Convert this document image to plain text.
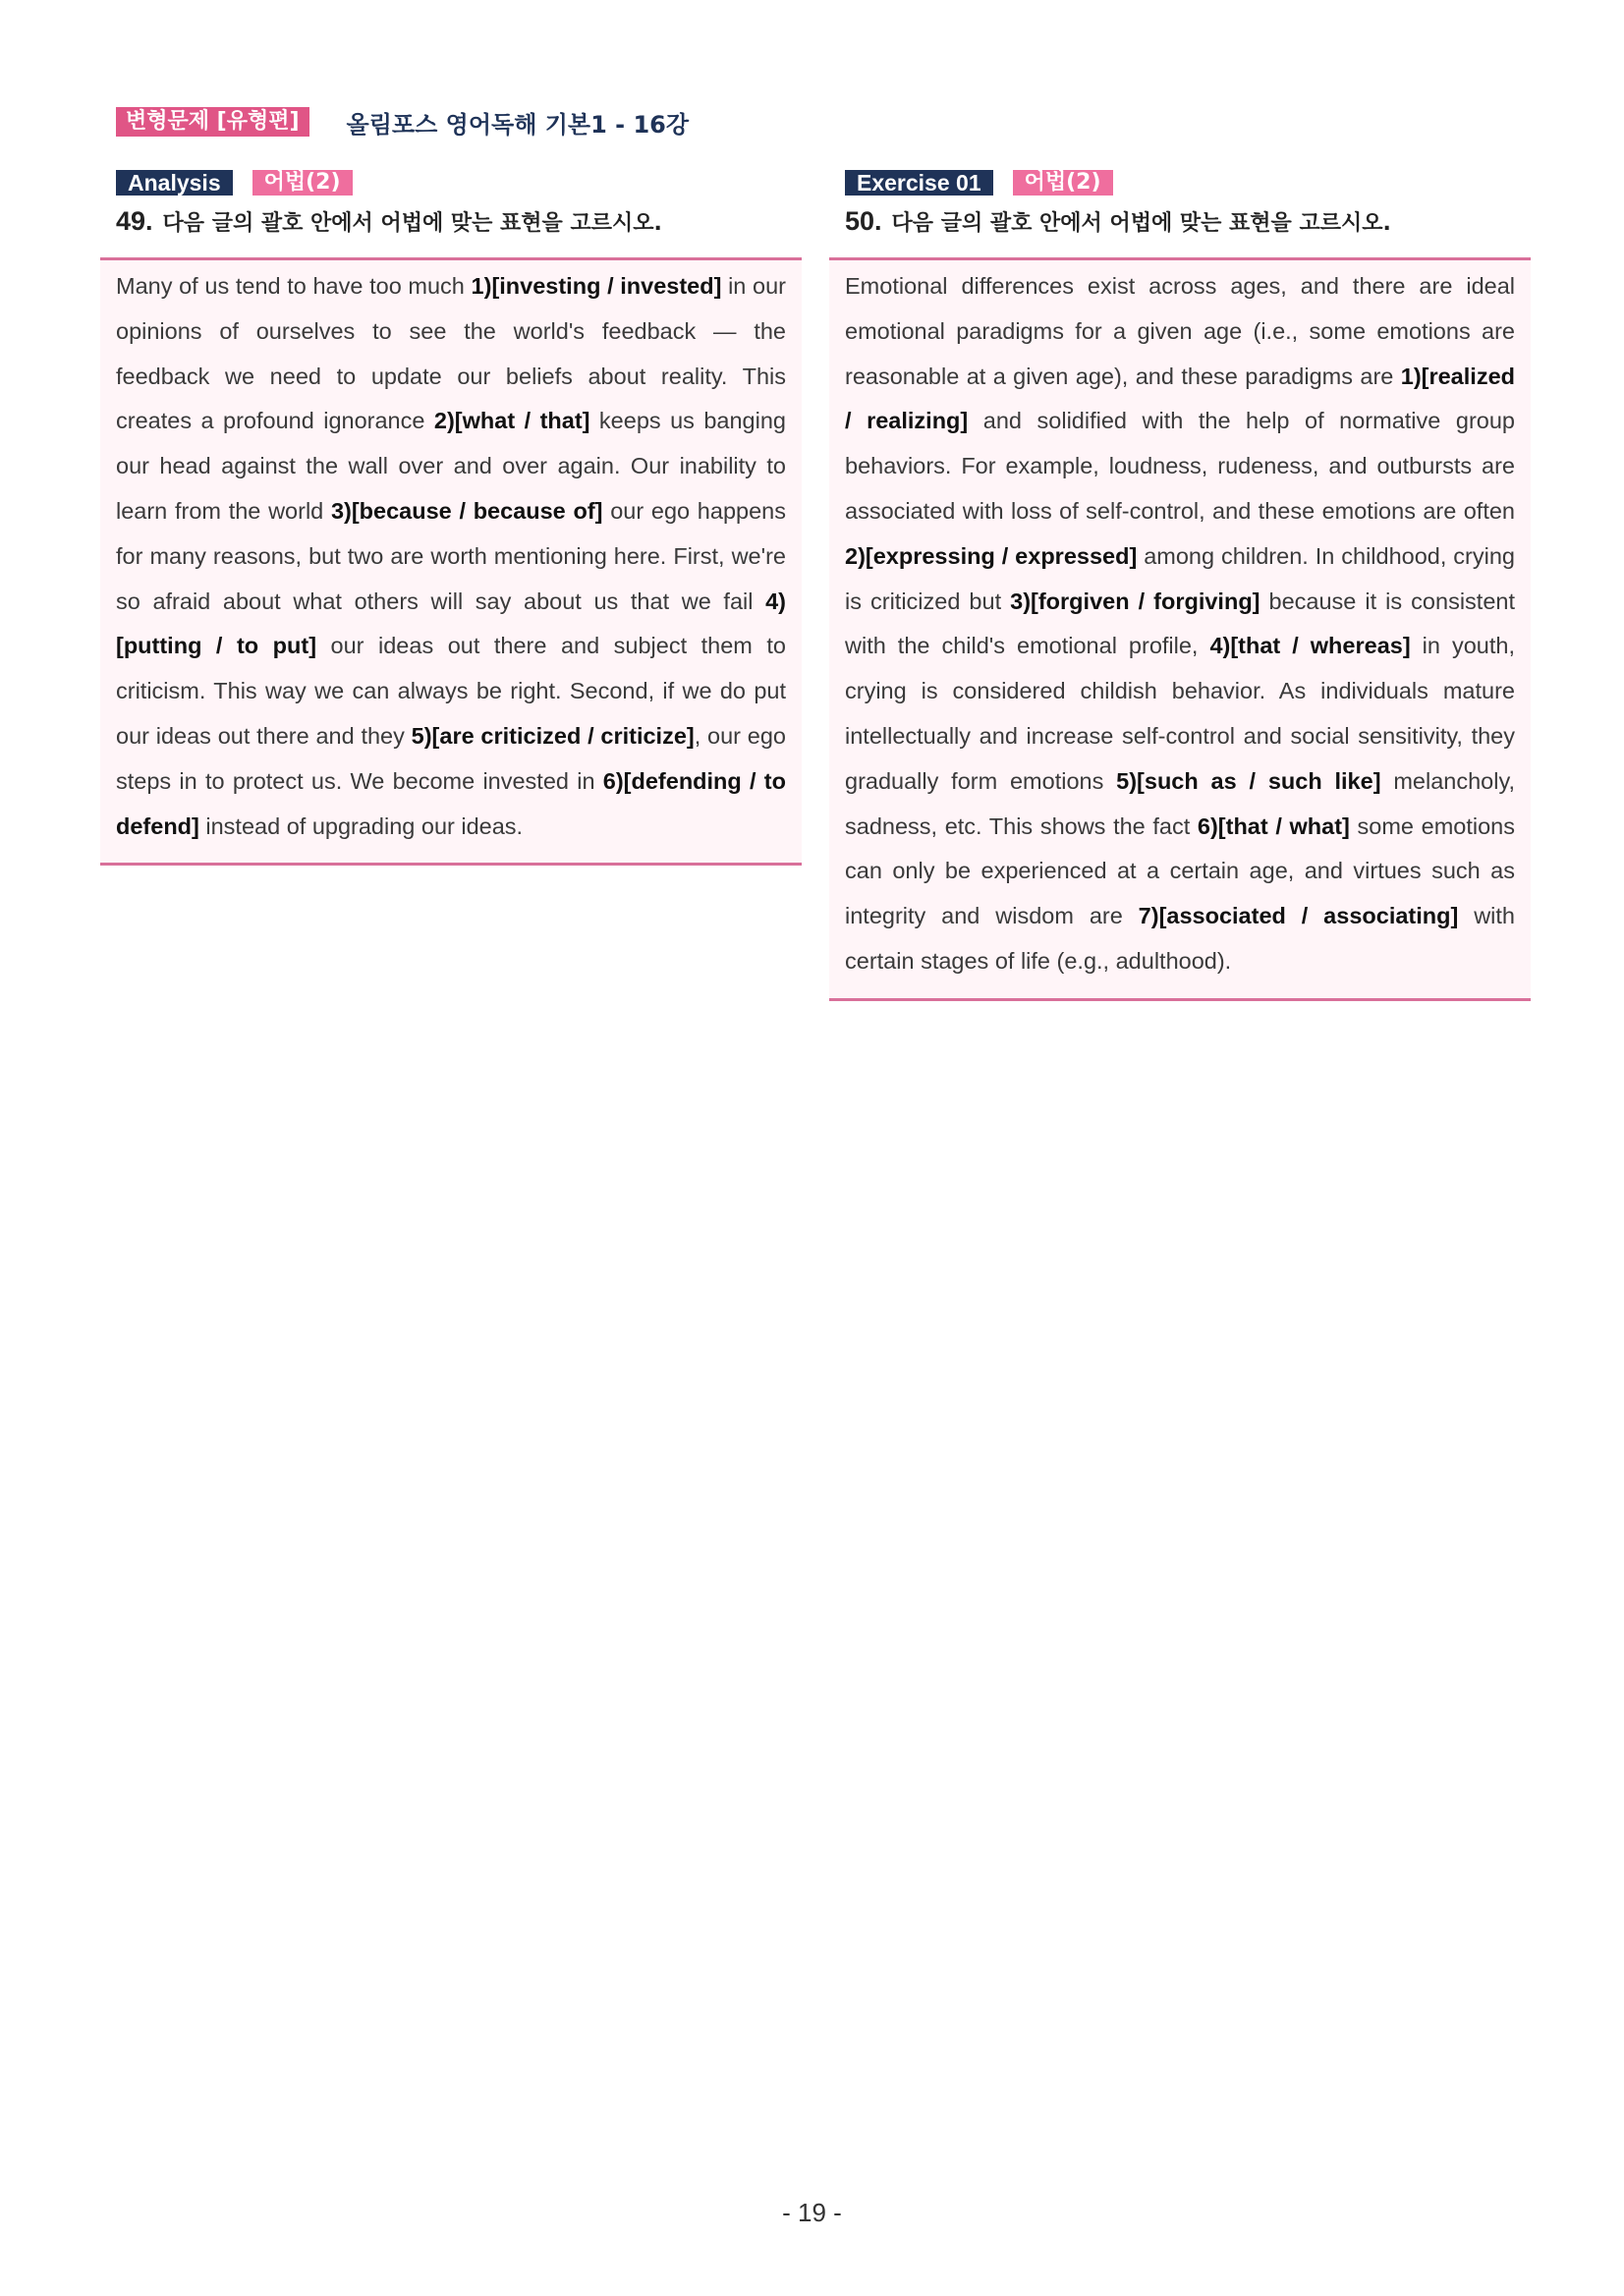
변형문제 [유형편]	올림포스 영어독해 기본1 - 16강
Analysis	어법(2)
49. 다음 글의 괄호 안에서 어법에 맞는 표현을 고르시오.
Many of us tend to have too much 1)[investing / invested] in our opinions of ourselves to see the world's feedback — the feedback we need to update our beliefs about reality. This creates a profound ignorance 2)[what / that] keeps us banging our head against the wall over and over again. Our inability to learn from the world 3)[because / because of] our ego happens for many reasons, but two are worth mentioning here. First, we're so afraid about what others will say about us that we fail 4)[putting / to put] our ideas out there and subject them to criticism. This way we can always be right. Second, if we do put our ideas out there and they 5)[are criticized / criticize], our ego steps in to protect us. We become invested in 6)[defending / to defend] instead of upgrading our ideas.
Exercise 01	어법(2)
50. 다음 글의 괄호 안에서 어법에 맞는 표현을 고르시오.
Emotional differences exist across ages, and there are ideal emotional paradigms for a given age (i.e., some emotions are reasonable at a given age), and these paradigms are 1)[realized / realizing] and solidified with the help of normative group behaviors. For example, loudness, rudeness, and outbursts are associated with loss of self-control, and these emotions are often 2)[expressing / expressed] among children. In childhood, crying is criticized but 3)[forgiven / forgiving] because it is consistent with the child's emotional profile, 4)[that / whereas] in youth, crying is considered childish behavior. As individuals mature intellectually and increase self-control and social sensitivity, they gradually form emotions 5)[such as / such like] melancholy, sadness, etc. This shows the fact 6)[that / what] some emotions can only be experienced at a certain age, and virtues such as integrity and wisdom are 7)[associated / associating] with certain stages of life (e.g., adulthood).
- 19 -
